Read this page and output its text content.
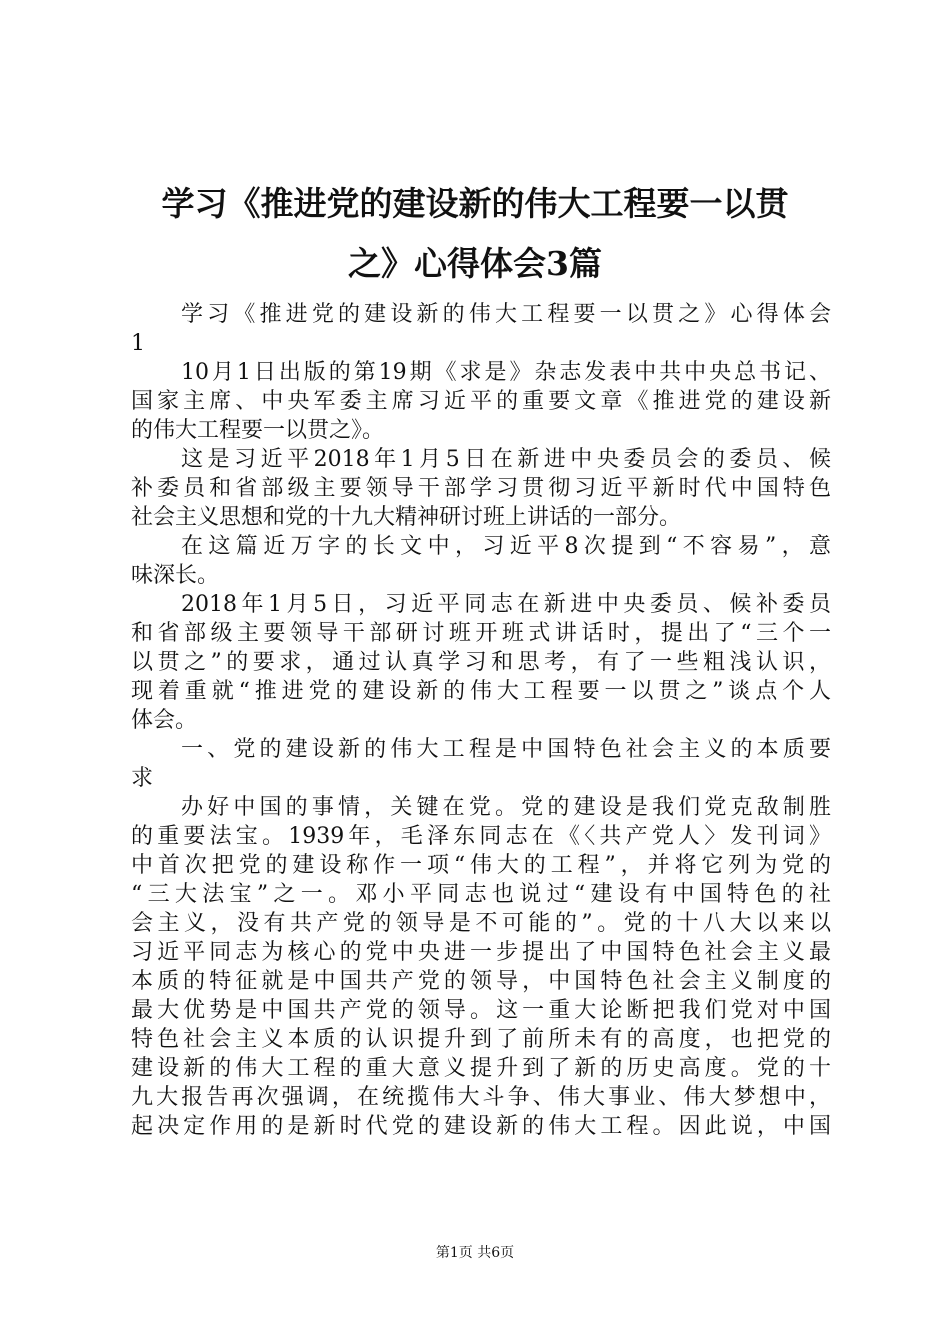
学习《推进党的建设新的伟大工程要一以贯
之》心得体会3篇
学习《推进党的建设新的伟大工程要一以贯之》心得体会
1
10月1日出版的第19期《求是》杂志发表中共中央总书记、
国家主席、中央军委主席习近平的重要文章《推进党的建设新
的伟大工程要一以贯之》。
这是习近平2018年1月5日在新进中央委员会的委员、候
补委员和省部级主要领导干部学习贯彻习近平新时代中国特色
社会主义思想和党的十九大精神研讨班上讲话的一部分。
在这篇近万字的长文中，习近平8次提到“不容易”，意
味深长。
2018年1月5日，习近平同志在新进中央委员、候补委员
和省部级主要领导干部研讨班开班式讲话时，提出了“三个一
以贯之”的要求，通过认真学习和思考，有了一些粗浅认识，
现着重就“推进党的建设新的伟大工程要一以贯之”谈点个人
体会。
一、党的建设新的伟大工程是中国特色社会主义的本质要
求
办好中国的事情，关键在党。党的建设是我们党克敌制胜
的重要法宝。1939年，毛泽东同志在《〈共产党人〉发刊词》
中首次把党的建设称作一项“伟大的工程”，并将它列为党的
“三大法宝”之一。邓小平同志也说过“建设有中国特色的社
会主义，没有共产党的领导是不可能的”。党的十八大以来以
习近平同志为核心的党中央进一步提出了中国特色社会主义最
本质的特征就是中国共产党的领导，中国特色社会主义制度的
最大优势是中国共产党的领导。这一重大论断把我们党对中国
特色社会主义本质的认识提升到了前所未有的高度，也把党的
建设新的伟大工程的重大意义提升到了新的历史高度。党的十
九大报告再次强调，在统揽伟大斗争、伟大事业、伟大梦想中，
起决定作用的是新时代党的建设新的伟大工程。因此说，中国
第1页 共6页
